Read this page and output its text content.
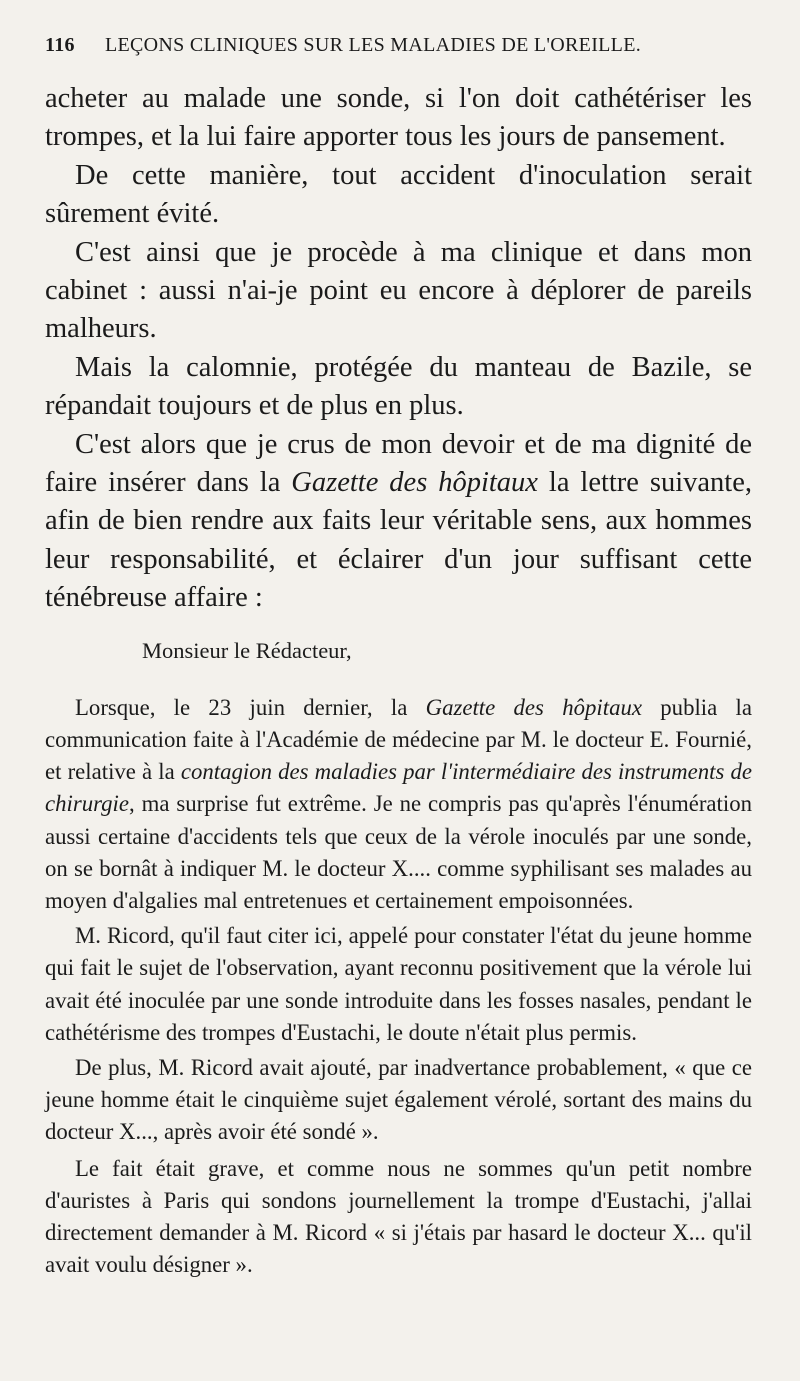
116	LEÇONS CLINIQUES SUR LES MALADIES DE L'OREILLE.

acheter au malade une sonde, si l'on doit cathétériser les trompes, et la lui faire apporter tous les jours de pansement.

De cette manière, tout accident d'inoculation serait sûrement évité.

C'est ainsi que je procède à ma clinique et dans mon cabinet : aussi n'ai-je point eu encore à déplorer de pareils malheurs.

Mais la calomnie, protégée du manteau de Bazile, se répandait toujours et de plus en plus.

C'est alors que je crus de mon devoir et de ma dignité de faire insérer dans la Gazette des hôpitaux la lettre suivante, afin de bien rendre aux faits leur véritable sens, aux hommes leur responsabilité, et éclairer d'un jour suffisant cette ténébreuse affaire :

Monsieur le Rédacteur,

Lorsque, le 23 juin dernier, la Gazette des hôpitaux publia la communication faite à l'Académie de médecine par M. le docteur E. Fournié, et relative à la contagion des maladies par l'intermédiaire des instruments de chirurgie, ma surprise fut extrême. Je ne compris pas qu'après l'énumération aussi certaine d'accidents tels que ceux de la vérole inoculés par une sonde, on se bornât à indiquer M. le docteur X.... comme syphilisant ses malades au moyen d'algalies mal entretenues et certainement empoisonnées.

M. Ricord, qu'il faut citer ici, appelé pour constater l'état du jeune homme qui fait le sujet de l'observation, ayant reconnu positivement que la vérole lui avait été inoculée par une sonde introduite dans les fosses nasales, pendant le cathétérisme des trompes d'Eustachi, le doute n'était plus permis.

De plus, M. Ricord avait ajouté, par inadvertance probablement, « que ce jeune homme était le cinquième sujet également vérolé, sortant des mains du docteur X..., après avoir été sondé ».

Le fait était grave, et comme nous ne sommes qu'un petit nombre d'auristes à Paris qui sondons journellement la trompe d'Eustachi, j'allai directement demander à M. Ricord « si j'étais par hasard le docteur X... qu'il avait voulu désigner ».
